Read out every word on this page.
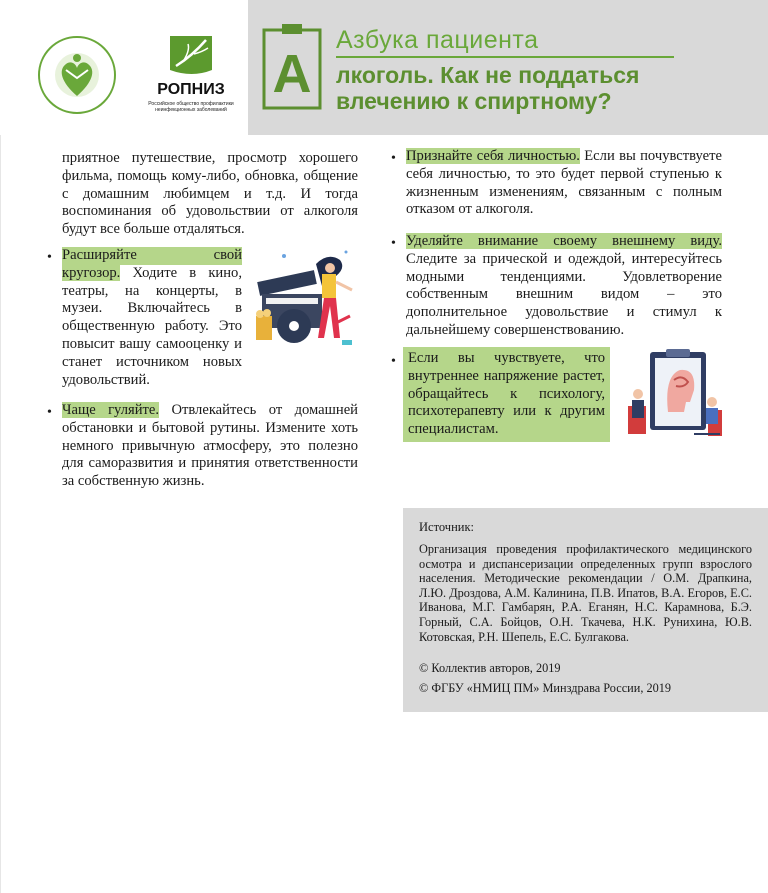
РОПНИЗ
Российское общество профилактики неинфекционных заболеваний
А
Азбука пациента
лкоголь. Как не поддаться
влечению к спиртному?
приятное путешествие, просмотр хорошего фильма, помощь кому-либо, обновка, общение с домашним любимцем и т.д. И тогда воспоминания об удовольствии от алкоголя будут все больше отдаляться.
• Расширяйте свой
кругозор. Ходите в кино, театры, на концерты, в музеи. Включайтесь в общественную работу. Это повысит вашу самооценку и станет источником новых удовольствий.
• Чаще гуляйте. Отвлекайтесь от домашней обстановки и бытовой рутины. Измените хоть немного привычную атмосферу, это полезно для саморазвития и принятия ответственности за собственную жизнь.
• Признайте себя личностью. Если вы почувствуете себя личностью, то это будет первой ступенью к жизненным изменениям, связанным с полным отказом от алкоголя.
• Уделяйте внимание своему внешнему виду. Следите за прической и одеждой, интересуйтесь модными тенденциями. Удовлетворение собственным внешним видом – это дополнительное удовольствие и стимул к дальнейшему совершенствованию.
• Если вы чувствуете, что внутреннее напряжение растет, обращайтесь к психологу, психотерапевту или к другим специалистам.
Источник:
Организация проведения профилактического медицинского осмотра и диспансеризации определенных групп взрослого населения. Методические рекомендации / О.М. Драпкина, Л.Ю. Дроздова, А.М. Калинина, П.В. Ипатов, В.А. Егоров, Е.С. Иванова, М.Г. Гамбарян, Р.А. Еганян, Н.С. Карамнова, Б.Э. Горный, С.А. Бойцов, О.Н. Ткачева, Н.К. Рунихина, Ю.В. Котовская, Р.Н. Шепель, Е.С. Булгакова.
© Коллектив авторов, 2019
© ФГБУ «НМИЦ ПМ» Минздрава России, 2019
